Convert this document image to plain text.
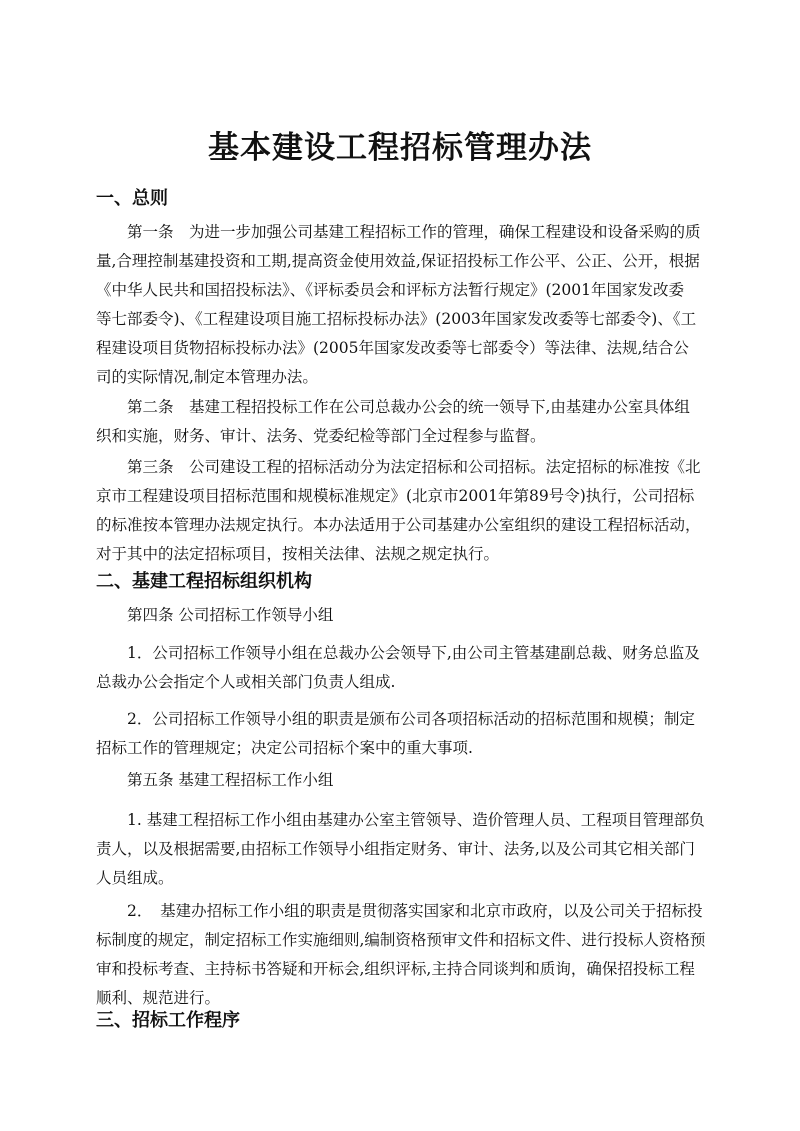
基本建设工程招标管理办法
一、总则
　　第一条　为进一步加强公司基建工程招标工作的管理，确保工程建设和设备采购的质
量,合理控制基建投资和工期,提高资金使用效益,保证招投标工作公平、公正、公开，根据
《中华人民共和国招投标法》、《评标委员会和评标方法暂行规定》(2001年国家发改委
等七部委令)、《工程建设项目施工招标投标办法》(2003年国家发改委等七部委令)、《工
程建设项目货物招标投标办法》(2005年国家发改委等七部委令）等法律、法规,结合公
司的实际情况,制定本管理办法。
　　第二条　基建工程招投标工作在公司总裁办公会的统一领导下,由基建办公室具体组
织和实施，财务、审计、法务、党委纪检等部门全过程参与监督。
　　第三条　公司建设工程的招标活动分为法定招标和公司招标。法定招标的标准按《北
京市工程建设项目招标范围和规模标准规定》(北京市2001年第89号令)执行，公司招标
的标准按本管理办法规定执行。本办法适用于公司基建办公室组织的建设工程招标活动，
对于其中的法定招标项目，按相关法律、法规之规定执行。
二、基建工程招标组织机构
　　第四条 公司招标工作领导小组
　　1．公司招标工作领导小组在总裁办公会领导下,由公司主管基建副总裁、财务总监及
总裁办公会指定个人或相关部门负责人组成.
　　2．公司招标工作领导小组的职责是颁布公司各项招标活动的招标范围和规模；制定
招标工作的管理规定；决定公司招标个案中的重大事项.
　　第五条 基建工程招标工作小组
　　1. 基建工程招标工作小组由基建办公室主管领导、造价管理人员、工程项目管理部负
责人，以及根据需要,由招标工作领导小组指定财务、审计、法务,以及公司其它相关部门
人员组成。
　　2．　基建办招标工作小组的职责是贯彻落实国家和北京市政府，以及公司关于招标投
标制度的规定，制定招标工作实施细则,编制资格预审文件和招标文件、进行投标人资格预
审和投标考查、主持标书答疑和开标会,组织评标,主持合同谈判和质询，确保招投标工程
顺利、规范进行。
三、招标工作程序
